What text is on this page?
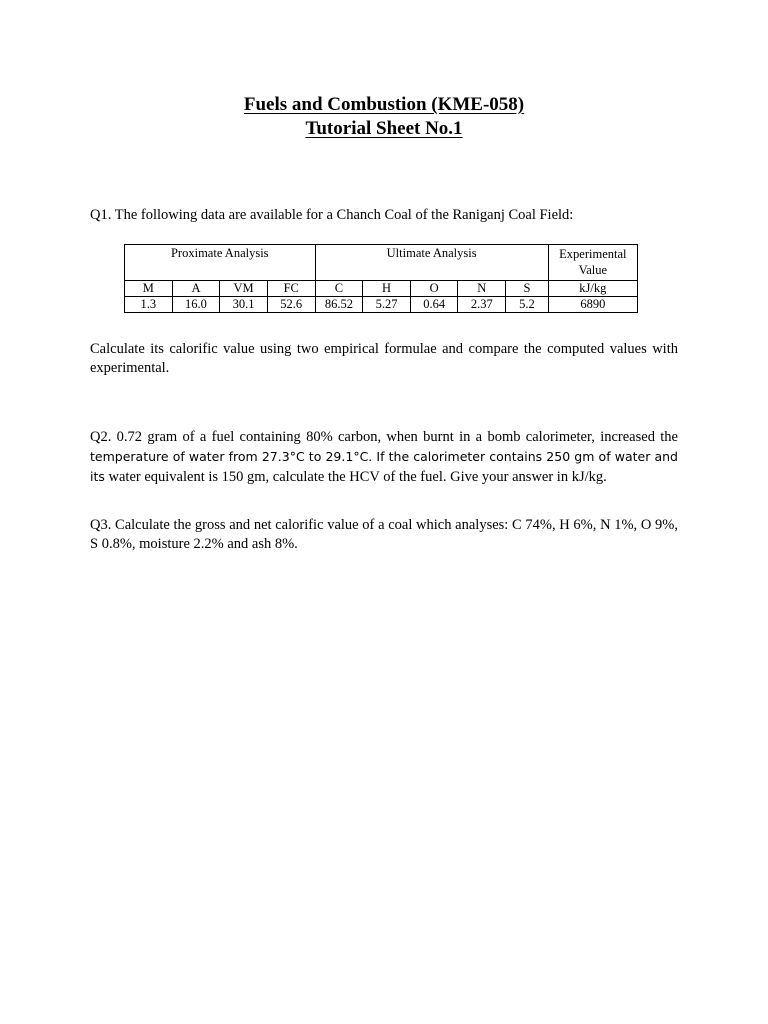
Fuels and Combustion (KME-058)
Tutorial Sheet No.1
Q1. The following data are available for a Chanch Coal of the Raniganj Coal Field:
Proximate Analysis				Ultimate Analysis					Experimental
Value

M	A	VM	FC	C	H	O	N	S	kJ/kg
1.3	16.0	30.1	52.6	86.52	5.27	0.64	2.37	5.2	6890
Calculate its calorific value using two empirical formulae and compare the computed values with experimental.
Q2. 0.72 gram of a fuel containing 80% carbon, when burnt in a bomb calorimeter, increased the temperature of water from 27.3°C to 29.1°C. If the calorimeter contains 250 gm of water and its water equivalent is 150 gm, calculate the HCV of the fuel. Give your answer in kJ/kg.
Q3. Calculate the gross and net calorific value of a coal which analyses: C 74%, H 6%, N 1%, O 9%, S 0.8%, moisture 2.2% and ash 8%.
